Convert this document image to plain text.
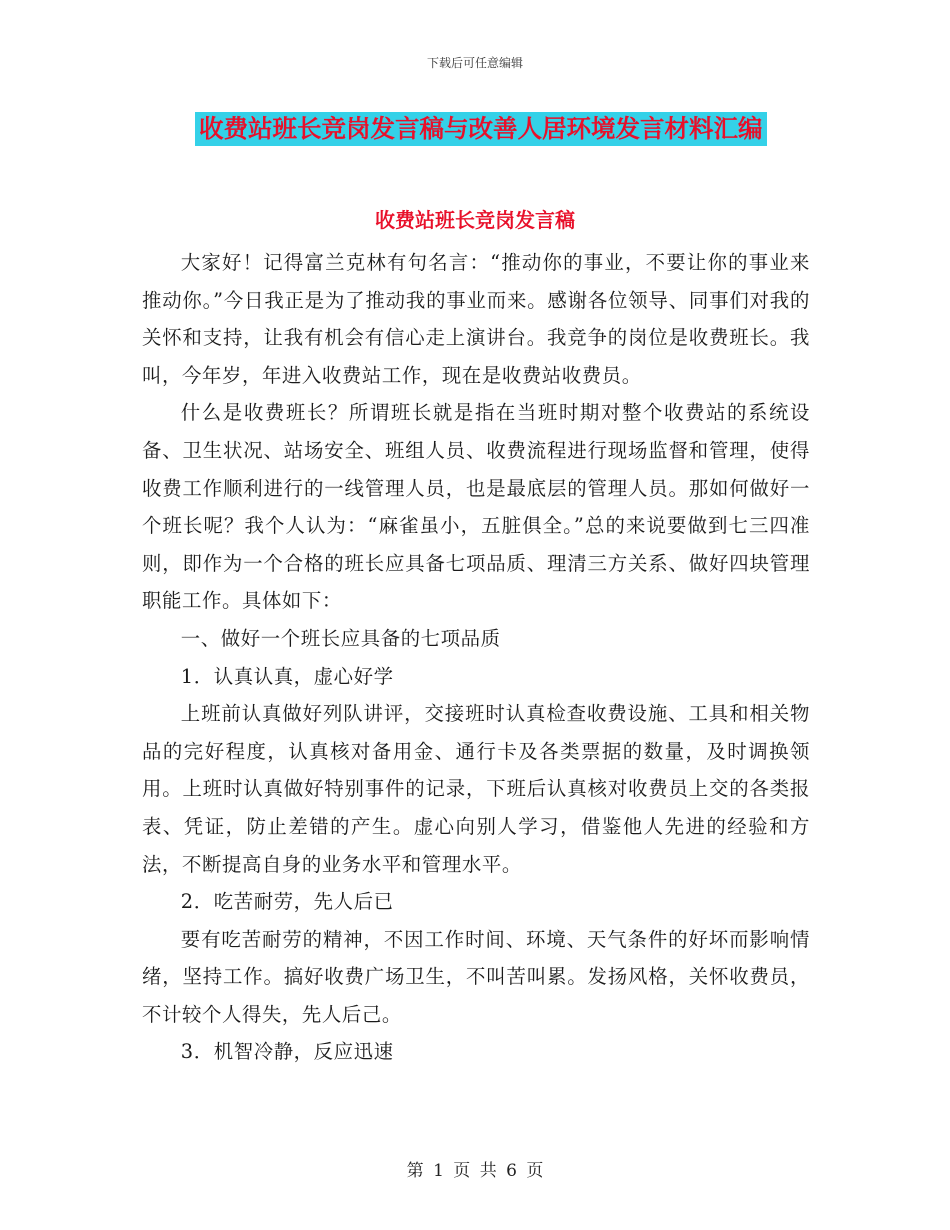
下载后可任意编辑
收费站班长竞岗发言稿与改善人居环境发言材料汇编
收费站班长竞岗发言稿

大家好！记得富兰克林有句名言：“推动你的事业，不要让你的事业来推动你。”今日我正是为了推动我的事业而来。感谢各位领导、同事们对我的关怀和支持，让我有机会有信心走上演讲台。我竞争的岗位是收费班长。我叫，今年岁，年进入收费站工作，现在是收费站收费员。

什么是收费班长？所谓班长就是指在当班时期对整个收费站的系统设备、卫生状况、站场安全、班组人员、收费流程进行现场监督和管理，使得收费工作顺利进行的一线管理人员，也是最底层的管理人员。那如何做好一个班长呢？我个人认为：“麻雀虽小，五脏俱全。”总的来说要做到七三四准则，即作为一个合格的班长应具备七项品质、理清三方关系、做好四块管理职能工作。具体如下：

一、做好一个班长应具备的七项品质

1．认真认真，虚心好学

上班前认真做好列队讲评，交接班时认真检查收费设施、工具和相关物品的完好程度，认真核对备用金、通行卡及各类票据的数量，及时调换领用。上班时认真做好特别事件的记录，下班后认真核对收费员上交的各类报表、凭证，防止差错的产生。虚心向别人学习，借鉴他人先进的经验和方法，不断提高自身的业务水平和管理水平。

2．吃苦耐劳，先人后已

要有吃苦耐劳的精神，不因工作时间、环境、天气条件的好坏而影响情绪，坚持工作。搞好收费广场卫生，不叫苦叫累。发扬风格，关怀收费员，不计较个人得失，先人后己。

3．机智冷静，反应迅速

第 1 页 共 6 页
